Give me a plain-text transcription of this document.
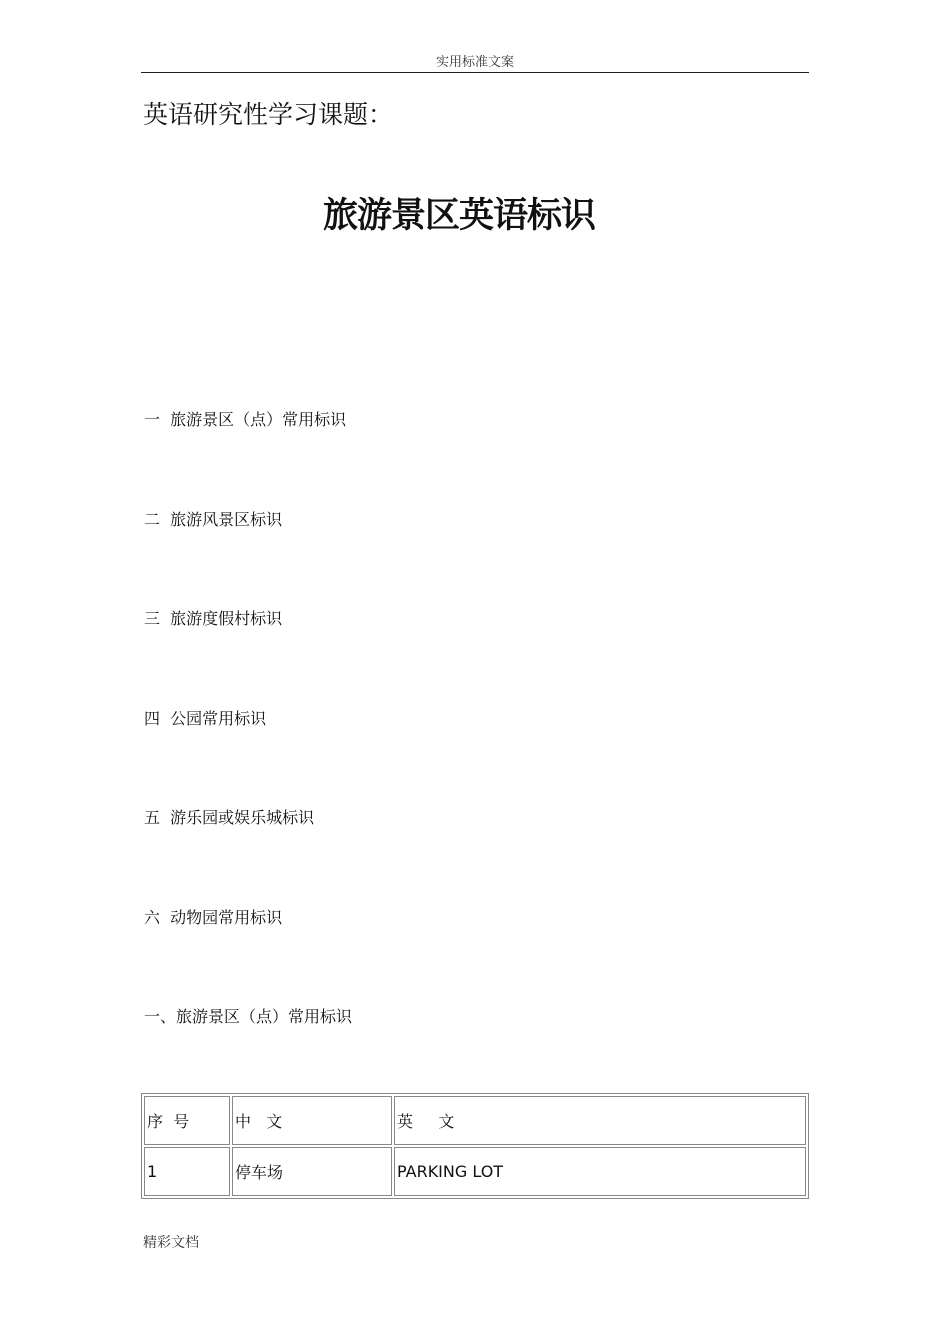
实用标准文案
英语研究性学习课题：
旅游景区英语标识
一  旅游景区（点）常用标识
二  旅游风景区标识
三  旅游度假村标识
四  公园常用标识
五  游乐园或娱乐城标识
六  动物园常用标识
一、旅游景区（点）常用标识
序  号	中   文	英     文
1	停车场	PARKING LOT
精彩文档
